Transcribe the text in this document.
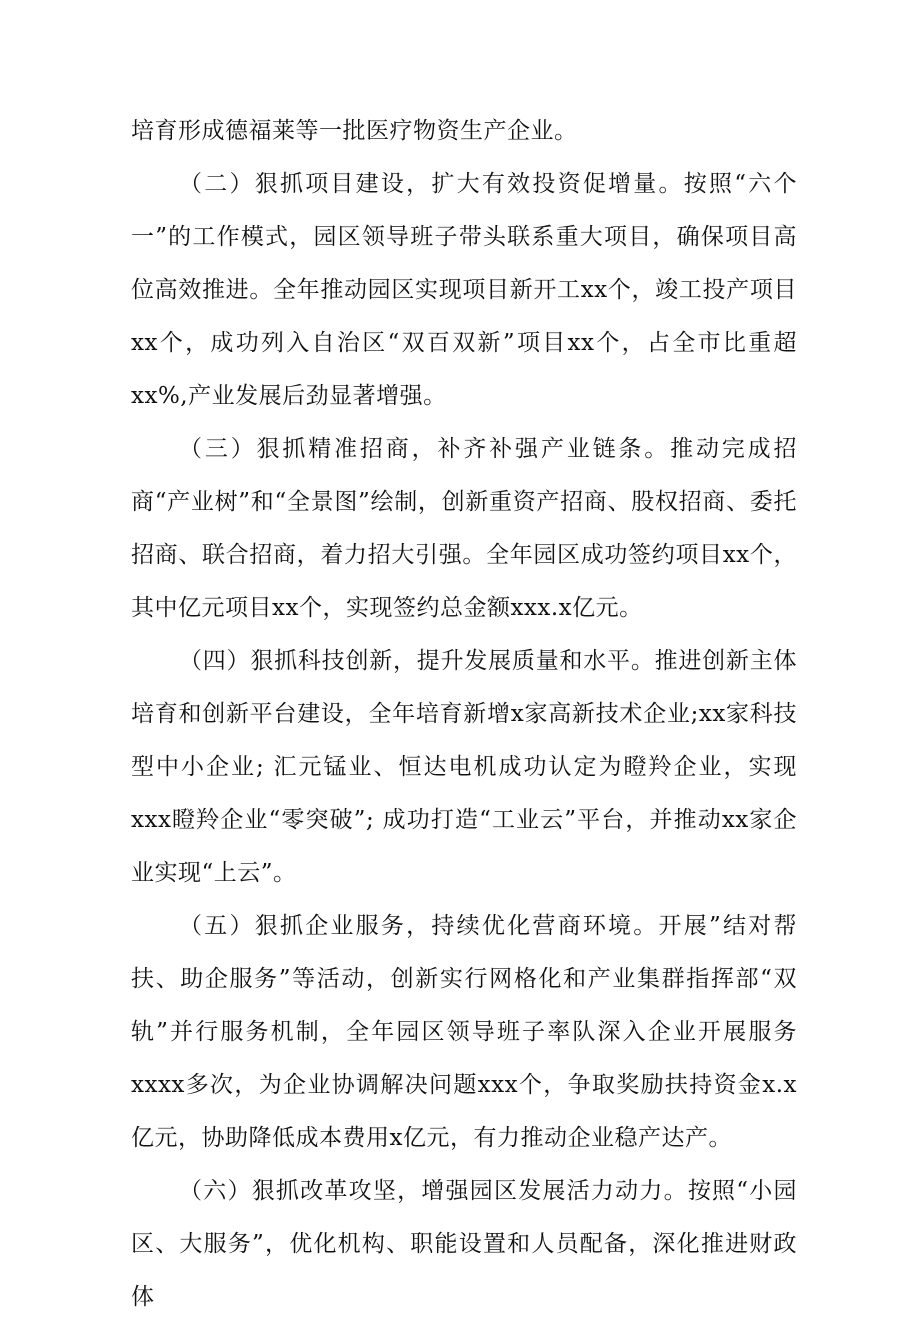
培育形成德福莱等一批医疗物资生产企业。

（二）狠抓项目建设，扩大有效投资促增量。按照“六个一”的工作模式，园区领导班子带头联系重大项目，确保项目高位高效推进。全年推动园区实现项目新开工xx个，竣工投产项目xx个，成功列入自治区“双百双新”项目xx个，占全市比重超xx%,产业发展后劲显著增强。

（三）狠抓精准招商，补齐补强产业链条。推动完成招商“产业树”和“全景图”绘制，创新重资产招商、股权招商、委托招商、联合招商，着力招大引强。全年园区成功签约项目xx个，其中亿元项目xx个，实现签约总金额xxx.x亿元。

（四）狠抓科技创新，提升发展质量和水平。推进创新主体培育和创新平台建设，全年培育新增x家高新技术企业;xx家科技型中小企业; 汇元锰业、恒达电机成功认定为瞪羚企业，实现xxx瞪羚企业“零突破”; 成功打造“工业云”平台，并推动xx家企业实现“上云”。

（五）狠抓企业服务，持续优化营商环境。开展”结对帮扶、助企服务”等活动，创新实行网格化和产业集群指挥部“双轨”并行服务机制，全年园区领导班子率队深入企业开展服务xxxx多次，为企业协调解决问题xxx个，争取奖励扶持资金x.x亿元，协助降低成本费用x亿元，有力推动企业稳产达产。

（六）狠抓改革攻坚，增强园区发展活力动力。按照“小园区、大服务”，优化机构、职能设置和人员配备，深化推进财政体
